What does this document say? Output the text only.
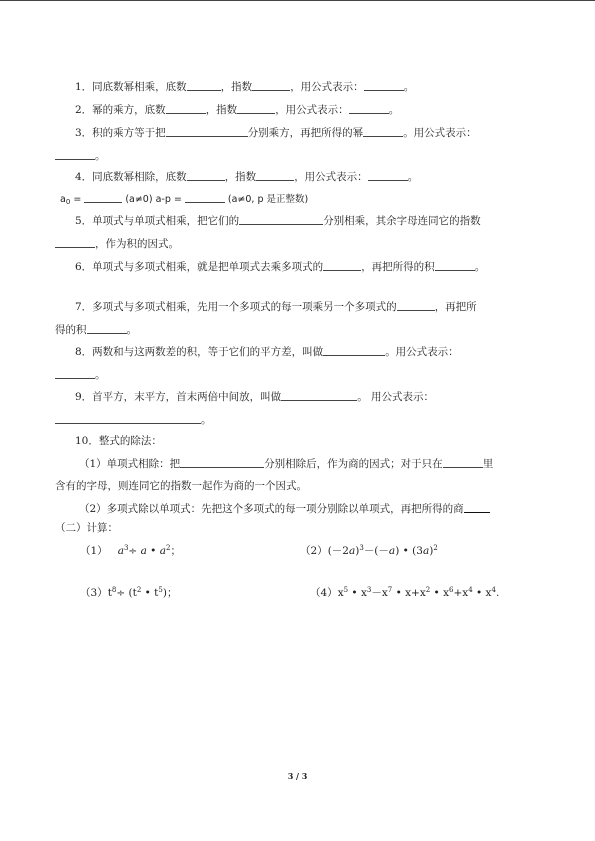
1．同底数幂相乘，底数	，指数	，用公式表示：	。
2．幂的乘方，底数	，指数	，用公式表示：	。
3．积的乘方等于把	分别乘方，再把所得的幂	。用公式表示：
。
4．同底数幂相除，底数	，指数	，用公式表示：	。
$a_0$ =	(a≠0) a-p =	(a≠0, p 是正整数)
5．单项式与单项式相乘，把它们的	分别相乘，其余字母连同它的指数
，作为积的因式。
6．单项式与多项式相乘，就是把单项式去乘多项式的	，再把所得的积	。
7．多项式与多项式相乘，先用一个多项式的每一项乘另一个多项式的	，再把所
得的积	。
8．两数和与这两数差的积，等于它们的平方差，叫做	。用公式表示：
。
9．首平方，末平方，首末两倍中间放，叫做	。 用公式表示：
。
10．整式的除法：
（1）单项式相除：把	分别相除后，作为商的因式；对于只在	里
含有的字母，则连同它的指数一起作为商的一个因式。
（2）多项式除以单项式：先把这个多项式的每一项分别除以单项式，再把所得的商
（二）计算：
（1） $a^3\div a$ • $a^2$；	$(2)(-2a)^3-(-a)$ • $(3a)^2$
$(3)t^8\div (t^2$ • $t^5$)；	$(4)x^5$ • $x^3-x^7$ • $x+x^2$ • $x^6+x^4$ • $x^4$.
3 / 3
